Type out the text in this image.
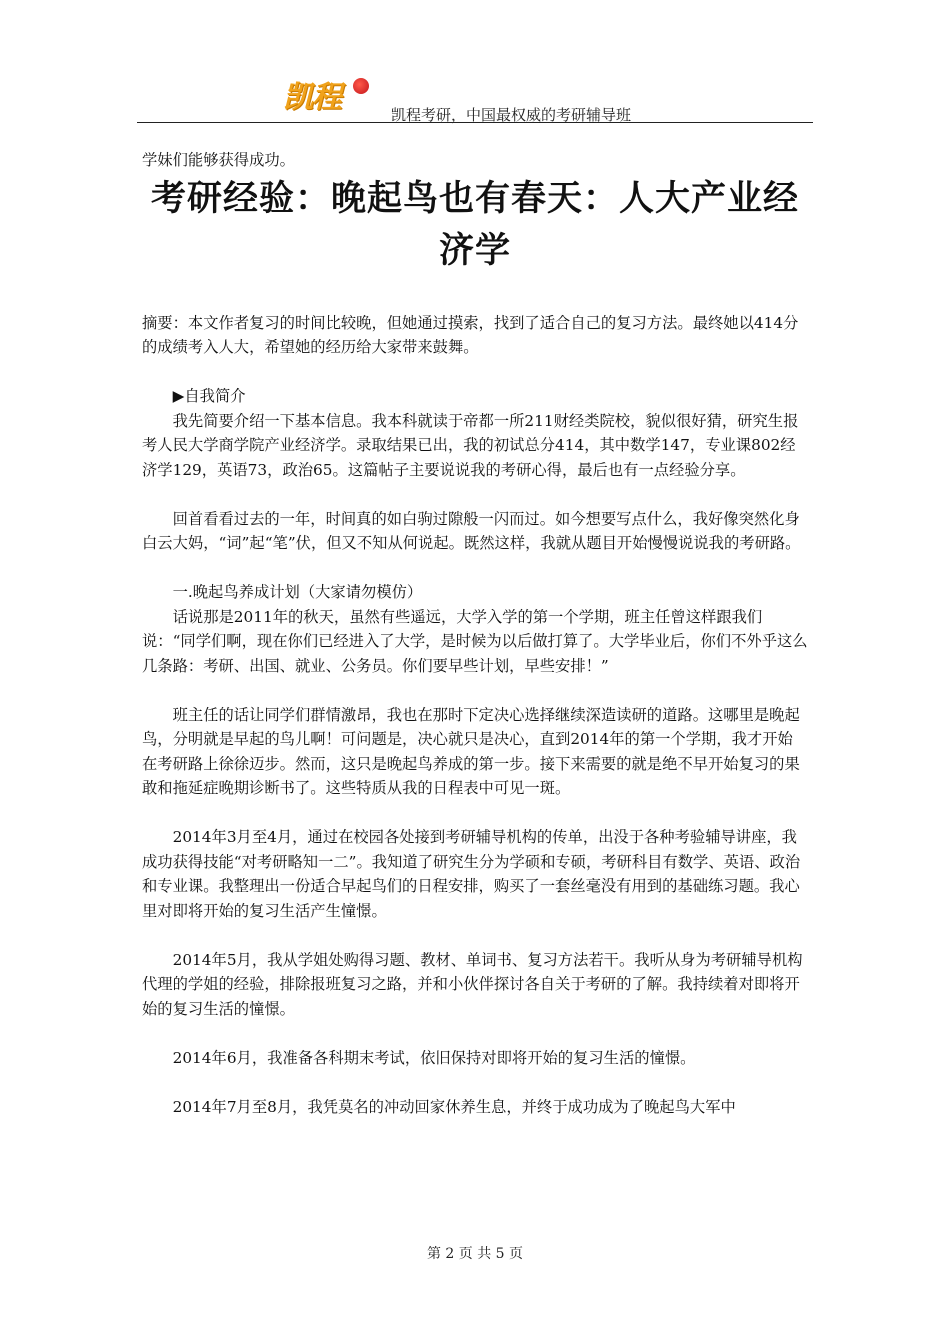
凯程	凯程考研，中国最权威的考研辅导班

学妹们能够获得成功。

考研经验：晚起鸟也有春天：人大产业经济学

摘要：本文作者复习的时间比较晚，但她通过摸索，找到了适合自己的复习方法。最终她以414分的成绩考入人大，希望她的经历给大家带来鼓舞。

▶自我简介

我先简要介绍一下基本信息。我本科就读于帝都一所211财经类院校，貌似很好猜，研究生报考人民大学商学院产业经济学。录取结果已出，我的初试总分414，其中数学147，专业课802经济学129，英语73，政治65。这篇帖子主要说说我的考研心得，最后也有一点经验分享。

回首看看过去的一年，时间真的如白驹过隙般一闪而过。如今想要写点什么，我好像突然化身白云大妈，“词”起“笔”伏，但又不知从何说起。既然这样，我就从题目开始慢慢说说我的考研路。

一.晚起鸟养成计划（大家请勿模仿）

话说那是2011年的秋天，虽然有些遥远，大学入学的第一个学期，班主任曾这样跟我们说：“同学们啊，现在你们已经进入了大学，是时候为以后做打算了。大学毕业后，你们不外乎这么几条路：考研、出国、就业、公务员。你们要早些计划，早些安排！”

班主任的话让同学们群情激昂，我也在那时下定决心选择继续深造读研的道路。这哪里是晚起鸟，分明就是早起的鸟儿啊！可问题是，决心就只是决心，直到2014年的第一个学期，我才开始在考研路上徐徐迈步。然而，这只是晚起鸟养成的第一步。接下来需要的就是绝不早开始复习的果敢和拖延症晚期诊断书了。这些特质从我的日程表中可见一斑。

2014年3月至4月，通过在校园各处接到考研辅导机构的传单，出没于各种考验辅导讲座，我成功获得技能“对考研略知一二”。我知道了研究生分为学硕和专硕，考研科目有数学、英语、政治和专业课。我整理出一份适合早起鸟们的日程安排，购买了一套丝毫没有用到的基础练习题。我心里对即将开始的复习生活产生憧憬。

2014年5月，我从学姐处购得习题、教材、单词书、复习方法若干。我听从身为考研辅导机构代理的学姐的经验，排除报班复习之路，并和小伙伴探讨各自关于考研的了解。我持续着对即将开始的复习生活的憧憬。

2014年6月，我准备各科期末考试，依旧保持对即将开始的复习生活的憧憬。

2014年7月至8月，我凭莫名的冲动回家休养生息，并终于成功成为了晚起鸟大军中

第 2 页 共 5 页
